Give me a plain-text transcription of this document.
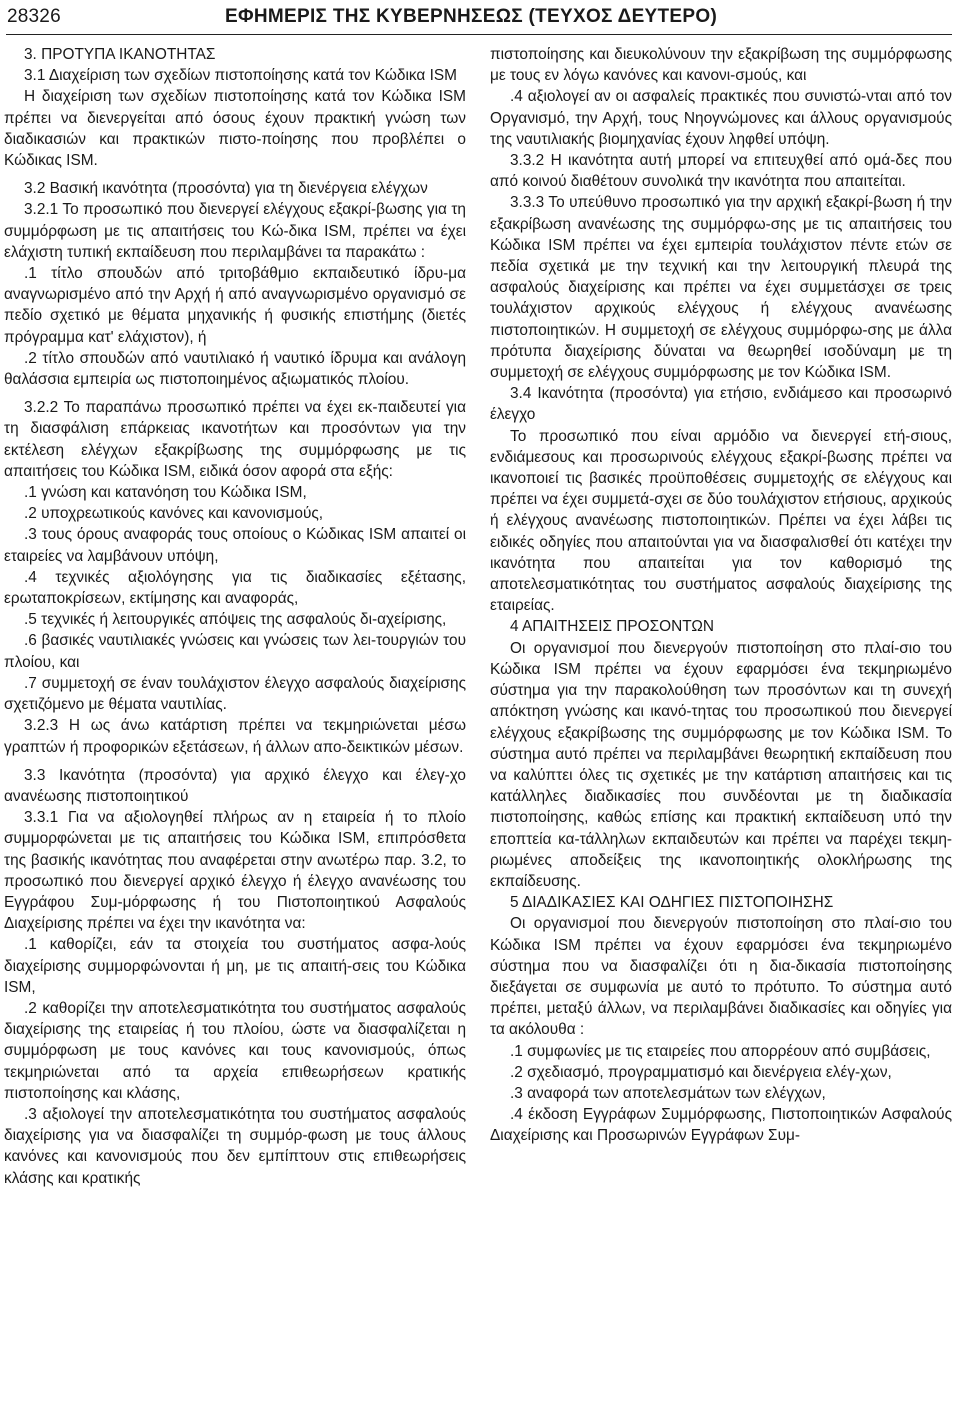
28326	ΕΦΗΜΕΡΙΣ ΤΗΣ ΚΥΒΕΡΝΗΣΕΩΣ (ΤΕΥΧΟΣ ΔΕΥΤΕΡΟ)

3. ΠΡΟΤΥΠΑ ΙΚΑΝΟΤΗΤΑΣ

3.1 Διαχείριση των σχεδίων πιστοποίησης κατά τον Κώδικα ISM

Η διαχείριση των σχεδίων πιστοποίησης κατά τον Κώδικα ISM πρέπει να διενεργείται από όσους έχουν πρακτική γνώση των διαδικασιών και πρακτικών πιστο-ποίησης που προβλέπει ο Κώδικας ISM.

3.2 Βασική ικανότητα (προσόντα) για τη διενέργεια ελέγχων

3.2.1 Το προσωπικό που διενεργεί ελέγχους εξακρί-βωσης για τη συμμόρφωση με τις απαιτήσεις του Κώ-δικα ISM, πρέπει να έχει ελάχιστη τυπική εκπαίδευση που περιλαμβάνει τα παρακάτω :

.1 τίτλο σπουδών από τριτοβάθμιο εκπαιδευτικό ίδρυ-μα αναγνωρισμένο από την Αρχή ή από αναγνωρισμένο οργανισμό σε πεδίο σχετικό με θέματα μηχανικής ή φυσικής επιστήμης (διετές πρόγραμμα κατ' ελάχιστον), ή

.2 τίτλο σπουδών από ναυτιλιακό ή ναυτικό ίδρυμα και ανάλογη θαλάσσια εμπειρία ως πιστοποιημένος αξιωματικός πλοίου.

3.2.2 Το παραπάνω προσωπικό πρέπει να έχει εκ-παιδευτεί για τη διασφάλιση επάρκειας ικανοτήτων και προσόντων για την εκτέλεση ελέγχων εξακρίβωσης της συμμόρφωσης με τις απαιτήσεις του Κώδικα ISM, ειδικά όσον αφορά στα εξής:

.1 γνώση και κατανόηση του Κώδικα ISM,

.2 υποχρεωτικούς κανόνες και κανονισμούς,

.3 τους όρους αναφοράς τους οποίους ο Κώδικας ISM απαιτεί οι εταιρείες να λαμβάνουν υπόψη,

.4 τεχνικές αξιολόγησης για τις διαδικασίες εξέτασης, ερωταποκρίσεων, εκτίμησης και αναφοράς,

.5 τεχνικές ή λειτουργικές απόψεις της ασφαλούς δι-αχείρισης,

.6 βασικές ναυτιλιακές γνώσεις και γνώσεις των λει-τουργιών του πλοίου, και

.7 συμμετοχή σε έναν τουλάχιστον έλεγχο ασφαλούς διαχείρισης σχετιζόμενο με θέματα ναυτιλίας.

3.2.3 Η ως άνω κατάρτιση πρέπει να τεκμηριώνεται μέσω γραπτών ή προφορικών εξετάσεων, ή άλλων απο-δεικτικών μέσων.

3.3 Ικανότητα (προσόντα) για αρχικό έλεγχο και έλεγ-χο ανανέωσης πιστοποιητικού

3.3.1 Για να αξιολογηθεί πλήρως αν η εταιρεία ή το πλοίο συμμορφώνεται με τις απαιτήσεις του Κώδικα ISM, επιπρόσθετα της βασικής ικανότητας που αναφέρεται στην ανωτέρω παρ. 3.2, το προσωπικό που διενεργεί αρχικό έλεγχο ή έλεγχο ανανέωσης του Εγγράφου Συμ-μόρφωσης ή του Πιστοποιητικού Ασφαλούς Διαχείρισης πρέπει να έχει την ικανότητα να:

.1 καθορίζει, εάν τα στοιχεία του συστήματος ασφα-λούς διαχείρισης συμμορφώνονται ή μη, με τις απαιτή-σεις του Κώδικα ISM,

.2 καθορίζει την αποτελεσματικότητα του συστήματος ασφαλούς διαχείρισης της εταιρείας ή του πλοίου, ώστε να διασφαλίζεται η συμμόρφωση με τους κανόνες και τους κανονισμούς, όπως τεκμηριώνεται από τα αρχεία επιθεωρήσεων κρατικής πιστοποίησης και κλάσης,

.3 αξιολογεί την αποτελεσματικότητα του συστήματος ασφαλούς διαχείρισης για να διασφαλίζει τη συμμόρ-φωση με τους άλλους κανόνες και κανονισμούς που δεν εμπίπτουν στις επιθεωρήσεις κλάσης και κρατικής

πιστοποίησης και διευκολύνουν την εξακρίβωση της συμμόρφωσης με τους εν λόγω κανόνες και κανονι-σμούς, και

.4 αξιολογεί αν οι ασφαλείς πρακτικές που συνιστώ-νται από τον Οργανισμό, την Αρχή, τους Νηογνώμονες και άλλους οργανισμούς της ναυτιλιακής βιομηχανίας έχουν ληφθεί υπόψη.

3.3.2 Η ικανότητα αυτή μπορεί να επιτευχθεί από ομά-δες που από κοινού διαθέτουν συνολικά την ικανότητα που απαιτείται.

3.3.3 Το υπεύθυνο προσωπικό για την αρχική εξακρί-βωση ή την εξακρίβωση ανανέωσης της συμμόρφω-σης με τις απαιτήσεις του Κώδικα ISM πρέπει να έχει εμπειρία τουλάχιστον πέντε ετών σε πεδία σχετικά με την τεχνική και την λειτουργική πλευρά της ασφαλούς διαχείρισης και πρέπει να έχει συμμετάσχει σε τρεις τουλάχιστον αρχικούς ελέγχους ή ελέγχους ανανέωσης πιστοποιητικών. Η συμμετοχή σε ελέγχους συμμόρφω-σης με άλλα πρότυπα διαχείρισης δύναται να θεωρηθεί ισοδύναμη με τη συμμετοχή σε ελέγχους συμμόρφωσης με τον Κώδικα ISM.

3.4 Ικανότητα (προσόντα) για ετήσιο, ενδιάμεσο και προσωρινό έλεγχο

Το προσωπικό που είναι αρμόδιο να διενεργεί ετή-σιους, ενδιάμεσους και προσωρινούς ελέγχους εξακρί-βωσης πρέπει να ικανοποιεί τις βασικές προϋποθέσεις συμμετοχής σε ελέγχους και πρέπει να έχει συμμετά-σχει σε δύο τουλάχιστον ετήσιους, αρχικούς ή ελέγχους ανανέωσης πιστοποιητικών. Πρέπει να έχει λάβει τις ειδικές οδηγίες που απαιτούνται για να διασφαλισθεί ότι κατέχει την ικανότητα που απαιτείται για τον καθορισμό της αποτελεσματικότητας του συστήματος ασφαλούς διαχείρισης της εταιρείας.

4 ΑΠΑΙΤΗΣΕΙΣ ΠΡΟΣΟΝΤΩΝ

Οι οργανισμοί που διενεργούν πιστοποίηση στο πλαί-σιο του Κώδικα ISM πρέπει να έχουν εφαρμόσει ένα τεκμηριωμένο σύστημα για την παρακολούθηση των προσόντων και τη συνεχή απόκτηση γνώσης και ικανό-τητας του προσωπικού που διενεργεί ελέγχους εξακρίβωσης της συμμόρφωσης με τον Κώδικα ISM. Το σύστημα αυτό πρέπει να περιλαμβάνει θεωρητική εκπαίδευση που να καλύπτει όλες τις σχετικές με την κατάρτιση απαιτήσεις και τις κατάλληλες διαδικασίες που συνδέονται με τη διαδικασία πιστοποίησης, καθώς επίσης και πρακτική εκπαίδευση υπό την εποπτεία κα-τάλληλων εκπαιδευτών και πρέπει να παρέχει τεκμη-ριωμένες αποδείξεις της ικανοποιητικής ολοκλήρωσης της εκπαίδευσης.

5 ΔΙΑΔΙΚΑΣΙΕΣ ΚΑΙ ΟΔΗΓΙΕΣ ΠΙΣΤΟΠΟΙΗΣΗΣ

Οι οργανισμοί που διενεργούν πιστοποίηση στο πλαί-σιο του Κώδικα ISM πρέπει να έχουν εφαρμόσει ένα τεκμηριωμένο σύστημα που να διασφαλίζει ότι η δια-δικασία πιστοποίησης διεξάγεται σε συμφωνία με αυτό το πρότυπο. Το σύστημα αυτό πρέπει, μεταξύ άλλων, να περιλαμβάνει διαδικασίες και οδηγίες για τα ακόλουθα :

.1 συμφωνίες με τις εταιρείες που απορρέουν από συμβάσεις,

.2 σχεδιασμό, προγραμματισμό και διενέργεια ελέγ-χων,

.3 αναφορά των αποτελεσμάτων των ελέγχων,

.4 έκδοση Εγγράφων Συμμόρφωσης, Πιστοποιητικών Ασφαλούς Διαχείρισης και Προσωρινών Εγγράφων Συμ-
